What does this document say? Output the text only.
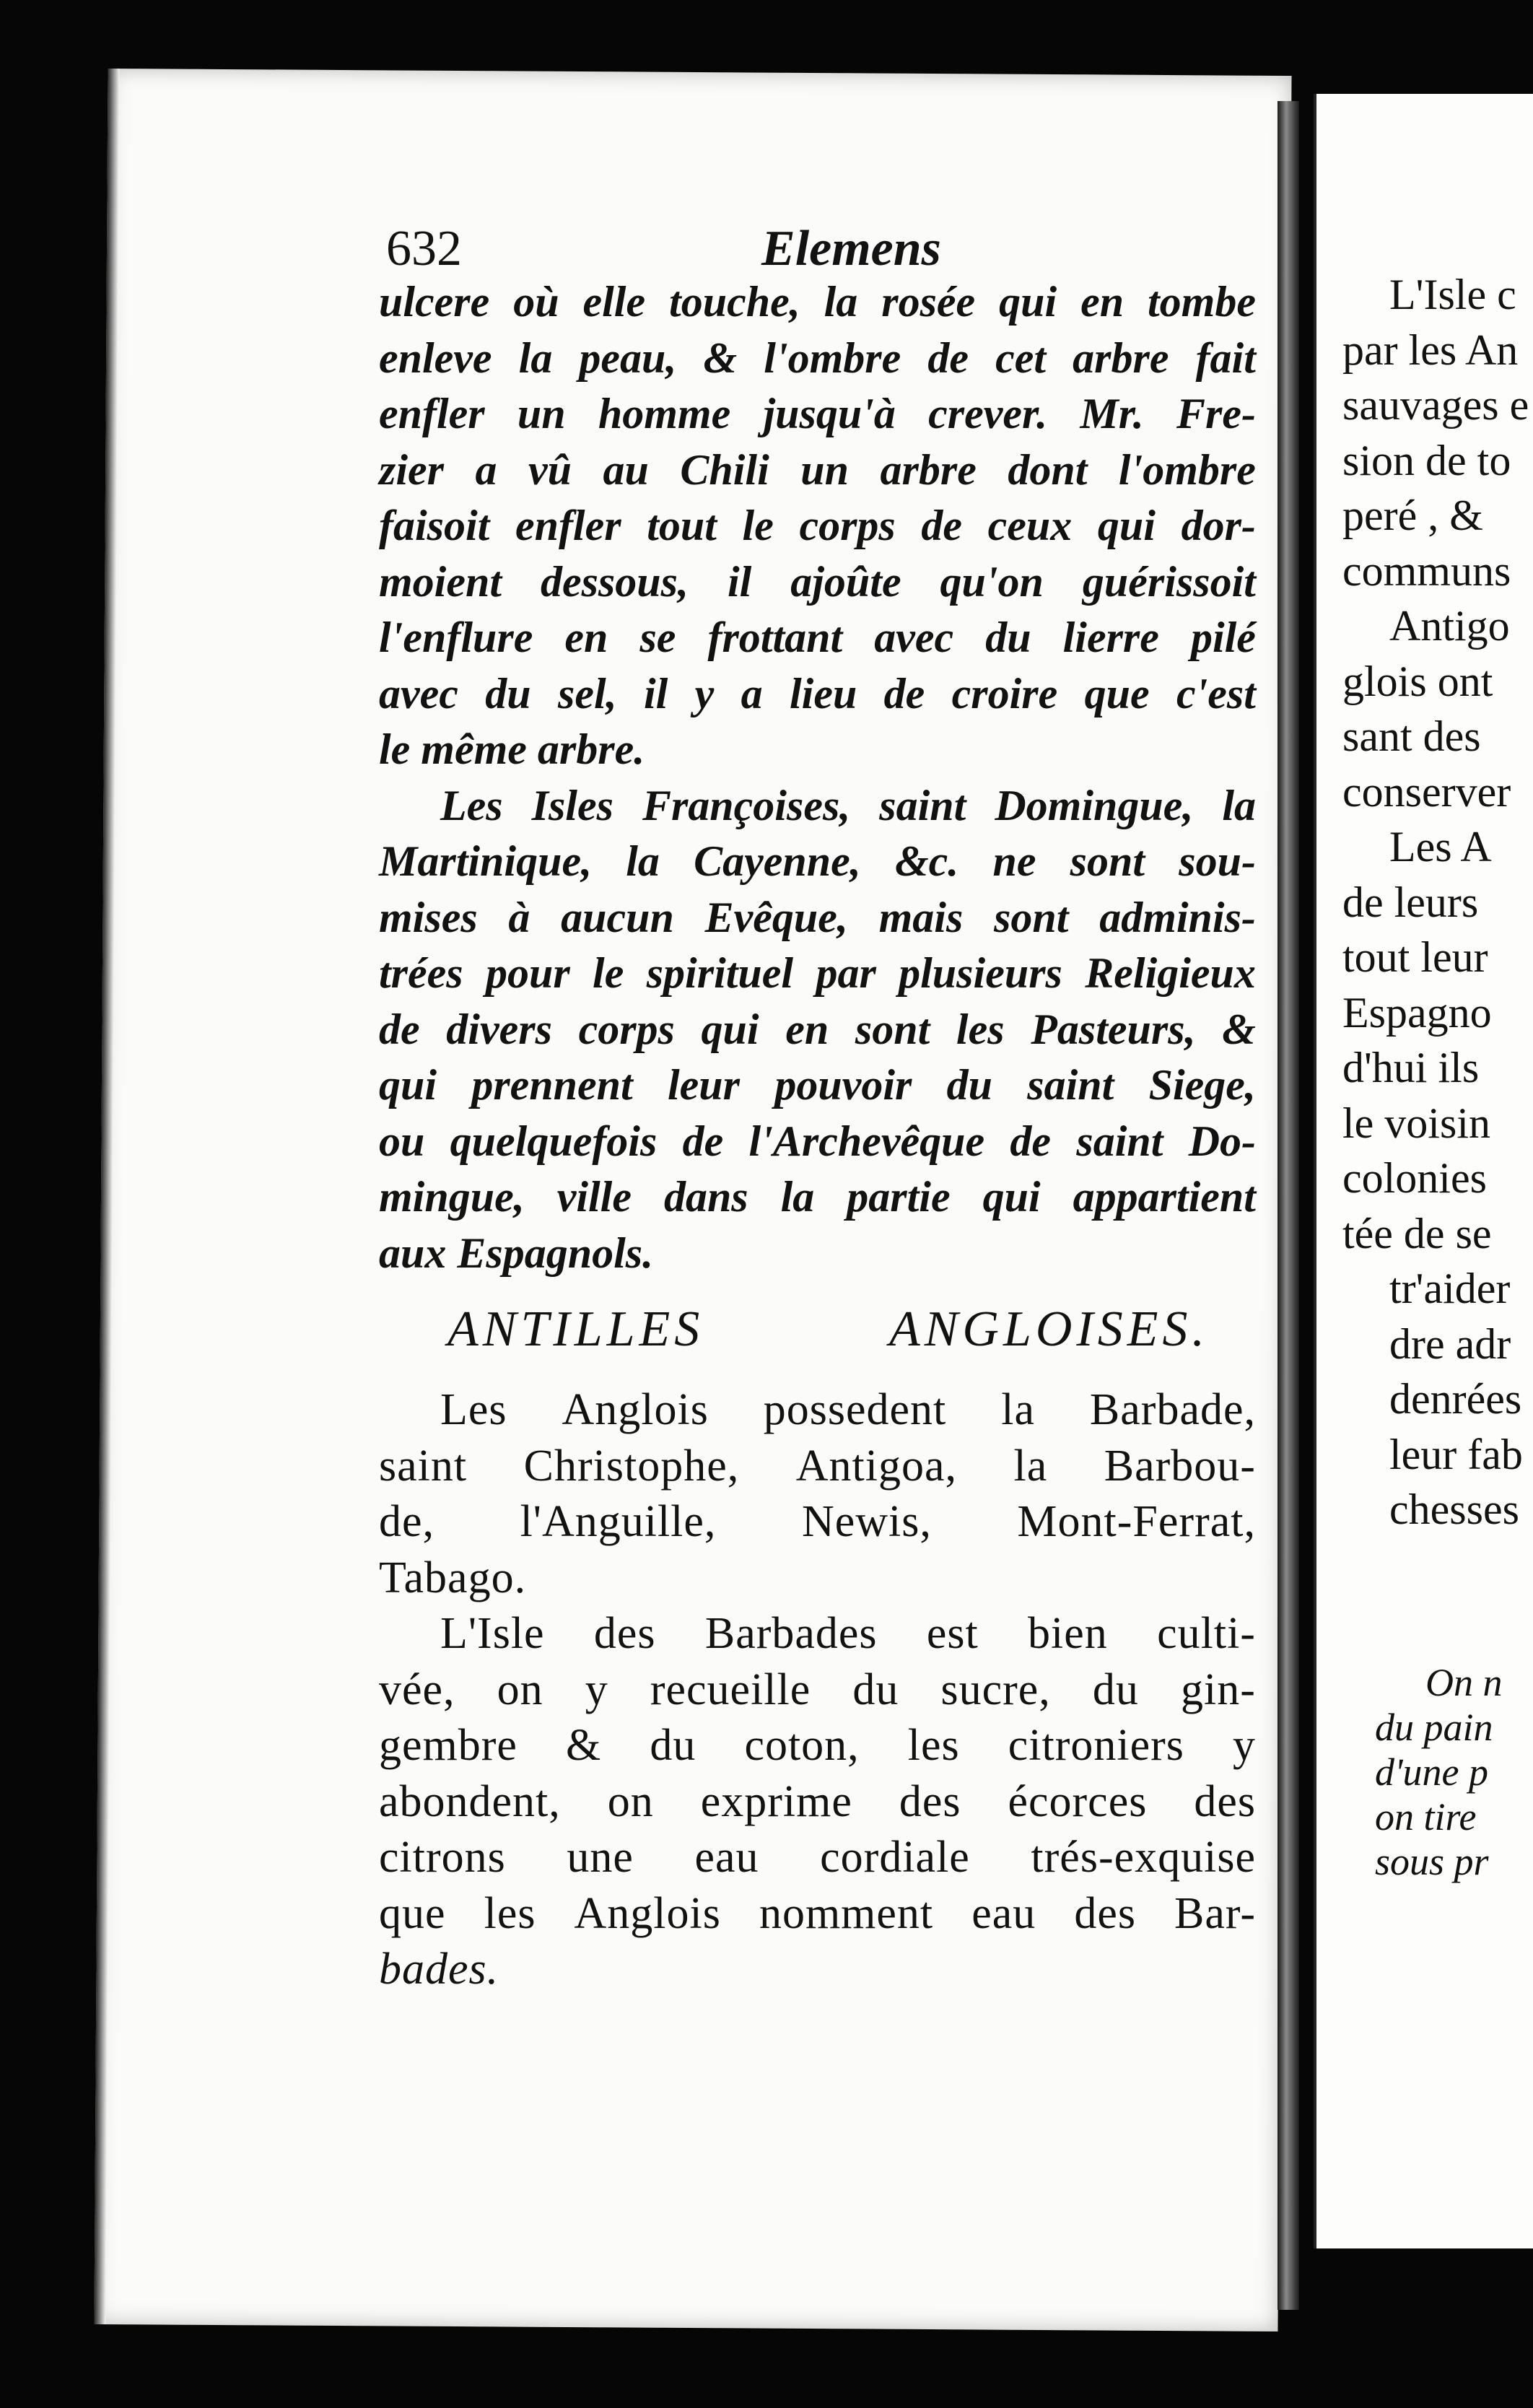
632	Elemens
ulcere où elle touche, la rosée qui en tombe
enleve la peau, & l'ombre de cet arbre fait
enfler un homme jusqu'à crever. Mr. Fre-
zier a vû au Chili un arbre dont l'ombre
faisoit enfler tout le corps de ceux qui dor-
moient dessous, il ajoûte qu'on guérissoit
l'enflure en se frottant avec du lierre pilé
avec du sel, il y a lieu de croire que c'est
le même arbre.
Les Isles Françoises, saint Domingue, la
Martinique, la Cayenne, &c. ne sont sou-
mises à aucun Evêque, mais sont adminis-
trées pour le spirituel par plusieurs Religieux
de divers corps qui en sont les Pasteurs, &
qui prennent leur pouvoir du saint Siege,
ou quelquefois de l'Archevêque de saint Do-
mingue, ville dans la partie qui appartient
aux Espagnols.
ANTILLES	ANGLOISES.
Les Anglois possedent la Barbade,
saint Christophe, Antigoa, la Barbou-
de, l'Anguille, Newis, Mont-Ferrat,
Tabago.
L'Isle des Barbades est bien culti-
vée, on y recueille du sucre, du gin-
gembre & du coton, les citroniers y
abondent, on exprime des écorces des
citrons une eau cordiale trés-exquise
que les Anglois nomment eau des Bar-
bades.
L'Isle c
par les An
sauvages e
sion de to
peré , &
communs
Antigo
glois ont
sant des
conserver
Les A
de leurs
tout leur
Espagno
d'hui ils
le voisin
colonies
tée de se
tr'aider
dre adr
denrées
leur fab
chesses
On n
du pain
d'une p
on tire
sous pr
